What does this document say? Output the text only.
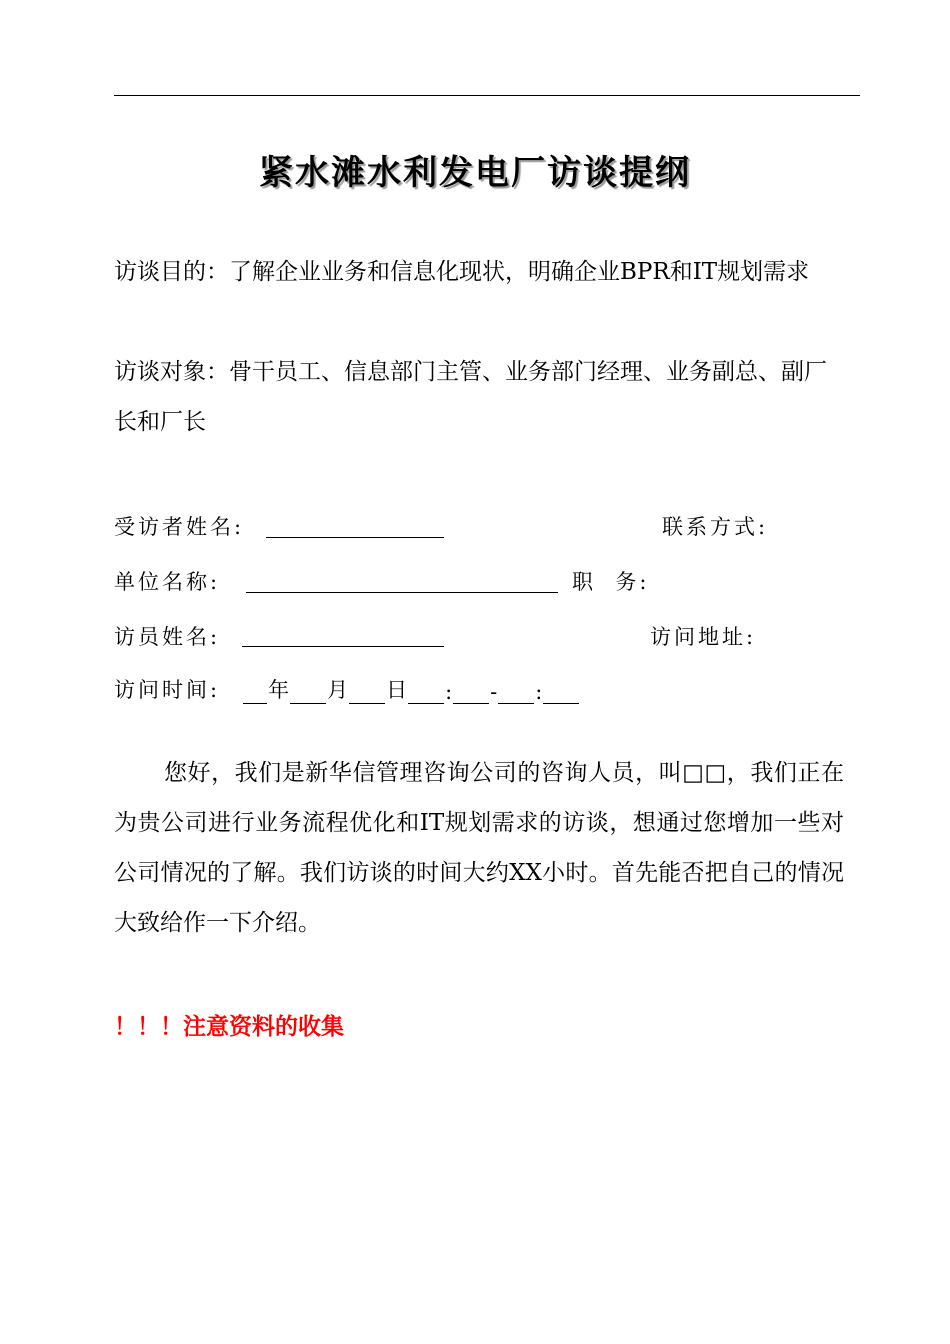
紧水滩水利发电厂访谈提纲
访谈目的：了解企业业务和信息化现状，明确企业BPR和IT规划需求
访谈对象：骨干员工、信息部门主管、业务部门经理、业务副总、副厂长和厂长
受访者姓名:	联系方式:
单位名称:	职  务:
访员姓名:	访问地址:
访问时间: 年 月 日 : - :
您好，我们是新华信管理咨询公司的咨询人员，叫□□，我们正在为贵公司进行业务流程优化和IT规划需求的访谈，想通过您增加一些对公司情况的了解。我们访谈的时间大约XX小时。首先能否把自己的情况大致给作一下介绍。
！！！注意资料的收集
